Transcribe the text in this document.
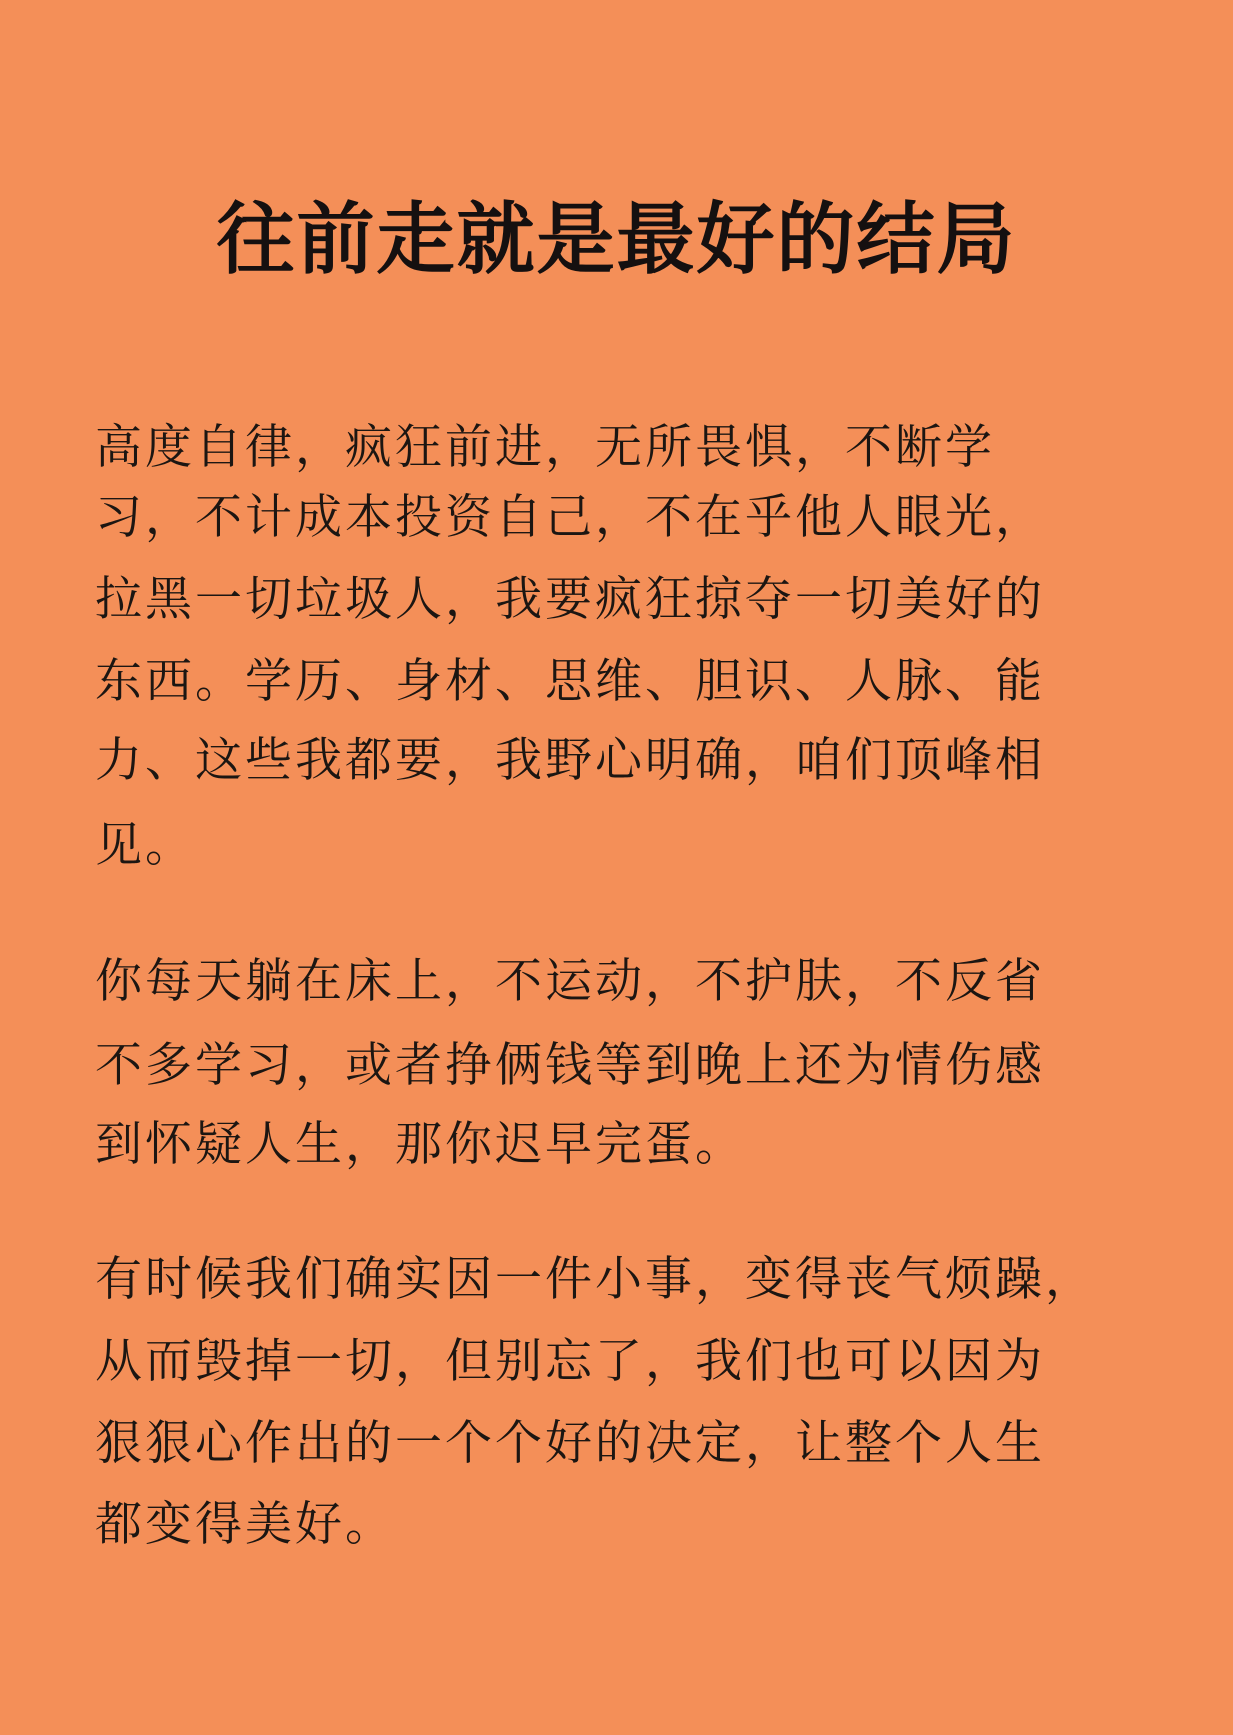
往前走就是最好的结局
高度自律，疯狂前进，无所畏惧，不断学
习，不计成本投资自己，不在乎他人眼光，
拉黑一切垃圾人，我要疯狂掠夺一切美好的
东西。学历、身材、思维、胆识、人脉、能
力、这些我都要，我野心明确，咱们顶峰相
见。
你每天躺在床上，不运动，不护肤，不反省
不多学习，或者挣俩钱等到晚上还为情伤感
到怀疑人生，那你迟早完蛋。
有时候我们确实因一件小事，变得丧气烦躁，
从而毁掉一切，但别忘了，我们也可以因为
狠狠心作出的一个个好的决定，让整个人生
都变得美好。
